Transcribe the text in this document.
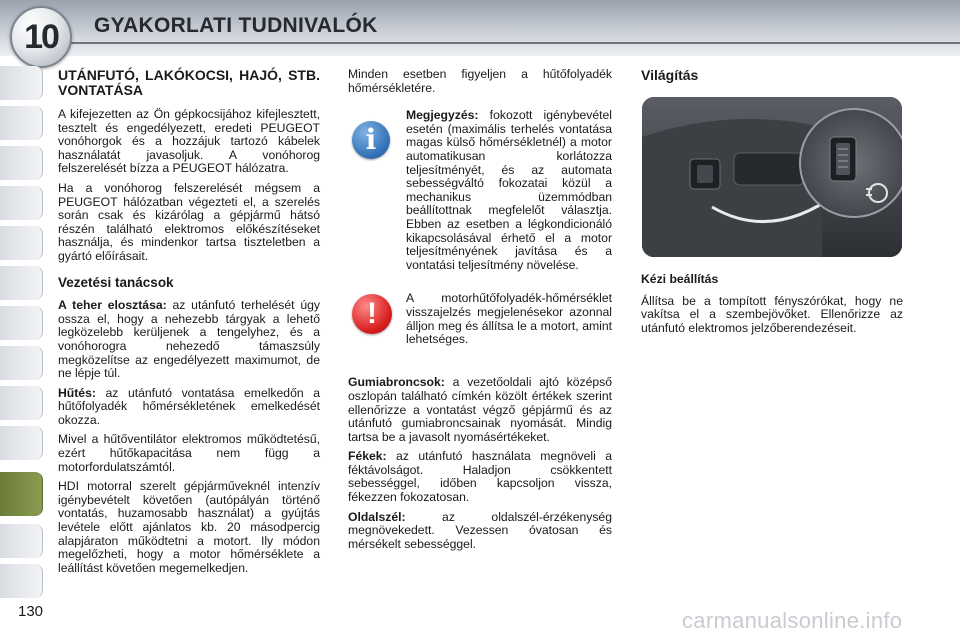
10	GYAKORLATI TUDNIVALÓK
UTÁNFUTÓ, LAKÓKOCSI, HAJÓ, STB. VONTATÁSA

A kifejezetten az Ön gépkocsijához kifejlesztett, tesztelt és engedélyezett, eredeti PEUGEOT vonóhorgok és a hozzájuk tartozó kábelek használatát javasoljuk. A vonóhorog felszerelését bízza a PEUGEOT hálózatra.

Ha a vonóhorog felszerelését mégsem a PEUGEOT hálózatban végezteti el, a szerelés során csak és kizárólag a gépjármű hátsó részén található elektromos előkészítéseket használja, és mindenkor tartsa tiszteletben a gyártó előírásait.

Vezetési tanácsok

A teher elosztása: az utánfutó terhelését úgy ossza el, hogy a nehezebb tárgyak a lehető legközelebb kerüljenek a tengelyhez, és a vonóhorogra nehezedő támaszsúly megközelítse az engedélyezett maximumot, de ne lépje túl.

Hűtés: az utánfutó vontatása emelkedőn a hűtőfolyadék hőmérsékletének emelkedését okozza.

Mivel a hűtőventilátor elektromos működtetésű, ezért hűtőkapacitása nem függ a motorfordulatszámtól.

HDI motorral szerelt gépjárműveknél intenzív igénybevételt követően (autópályán történő vontatás, huzamosabb használat) a gyújtás levétele előtt ajánlatos kb. 20 másodpercig alapjáraton működtetni a motort. Ily módon megelőzheti, hogy a motor hőmérséklete a leállítást követően megemelkedjen.

Minden esetben figyeljen a hűtőfolyadék hőmérsékletére.

i

Megjegyzés: fokozott igénybevétel esetén (maximális terhelés vontatása magas külső hőmérsékletnél) a motor automatikusan korlátozza teljesítményét, és az automata sebességváltó fokozatai közül a mechanikus üzemmódban beállítottnak megfelelőt választja. Ebben az esetben a légkondicionáló kikapcsolásával érhető el a motor teljesítményének javítása és a vontatási teljesítmény növelése.

!	A motorhűtőfolyadék-hőmérséklet visszajelzés megjelenésekor azonnal álljon meg és állítsa le a motort, amint lehetséges.

Gumiabroncsok: a vezetőoldali ajtó középső oszlopán található címkén közölt értékek szerint ellenőrizze a vontatást végző gépjármű és az utánfutó gumiabroncsainak nyomását. Mindig tartsa be a javasolt nyomásértékeket.

Fékek: az utánfutó használata megnöveli a féktávolságot. Haladjon csökkentett sebességgel, időben kapcsoljon vissza, fékezzen fokozatosan.

Oldalszél: az oldalszél-érzékenység megnövekedett. Vezessen óvatosan és mérsékelt sebességgel.

Világítás

Kézi beállítás

Állítsa be a tompított fényszórókat, hogy ne vakítsa el a szembejövőket. Ellenőrizze az utánfutó elektromos jelzőberendezéseit.

130	carmanualsonline.info
